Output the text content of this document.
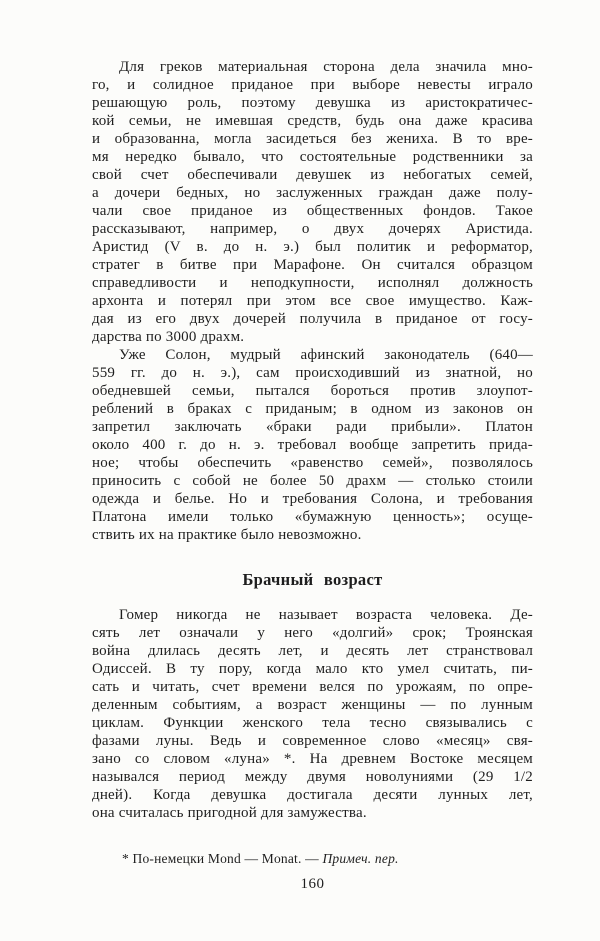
Для греков материальная сторона дела значила мно-
го, и солидное приданое при выборе невесты играло
решающую роль, поэтому девушка из аристократичес-
кой семьи, не имевшая средств, будь она даже красива
и образованна, могла засидеться без жениха. В то вре-
мя нередко бывало, что состоятельные родственники за
свой счет обеспечивали девушек из небогатых семей,
а дочери бедных, но заслуженных граждан даже полу-
чали свое приданое из общественных фондов. Такое
рассказывают, например, о двух дочерях Аристида.
Аристид (V в. до н. э.) был политик и реформатор,
стратег в битве при Марафоне. Он считался образцом
справедливости и неподкупности, исполнял должность
архонта и потерял при этом все свое имущество. Каж-
дая из его двух дочерей получила в приданое от госу-
дарства по 3000 драхм.
Уже Солон, мудрый афинский законодатель (640—
559 гг. до н. э.), сам происходивший из знатной, но
обедневшей семьи, пытался бороться против злоупот-
реблений в браках с приданым; в одном из законов он
запретил заключать «браки ради прибыли». Платон
около 400 г. до н. э. требовал вообще запретить прида-
ное; чтобы обеспечить «равенство семей», позволялось
приносить с собой не более 50 драхм — столько стоили
одежда и белье. Но и требования Солона, и требования
Платона имели только «бумажную ценность»; осуще-
ствить их на практике было невозможно.
Брачный возраст
Гомер никогда не называет возраста человека. Де-
сять лет означали у него «долгий» срок; Троянская
война длилась десять лет, и десять лет странствовал
Одиссей. В ту пору, когда мало кто умел считать, пи-
сать и читать, счет времени велся по урожаям, по опре-
деленным событиям, а возраст женщины — по лунным
циклам. Функции женского тела тесно связывались с
фазами луны. Ведь и современное слово «месяц» свя-
зано со словом «луна» *. На древнем Востоке месяцем
назывался период между двумя новолуниями (29 1/2
дней). Когда девушка достигала десяти лунных лет,
она считалась пригодной для замужества.
* По-немецки Mond — Monat. — Примеч. пер.
160
